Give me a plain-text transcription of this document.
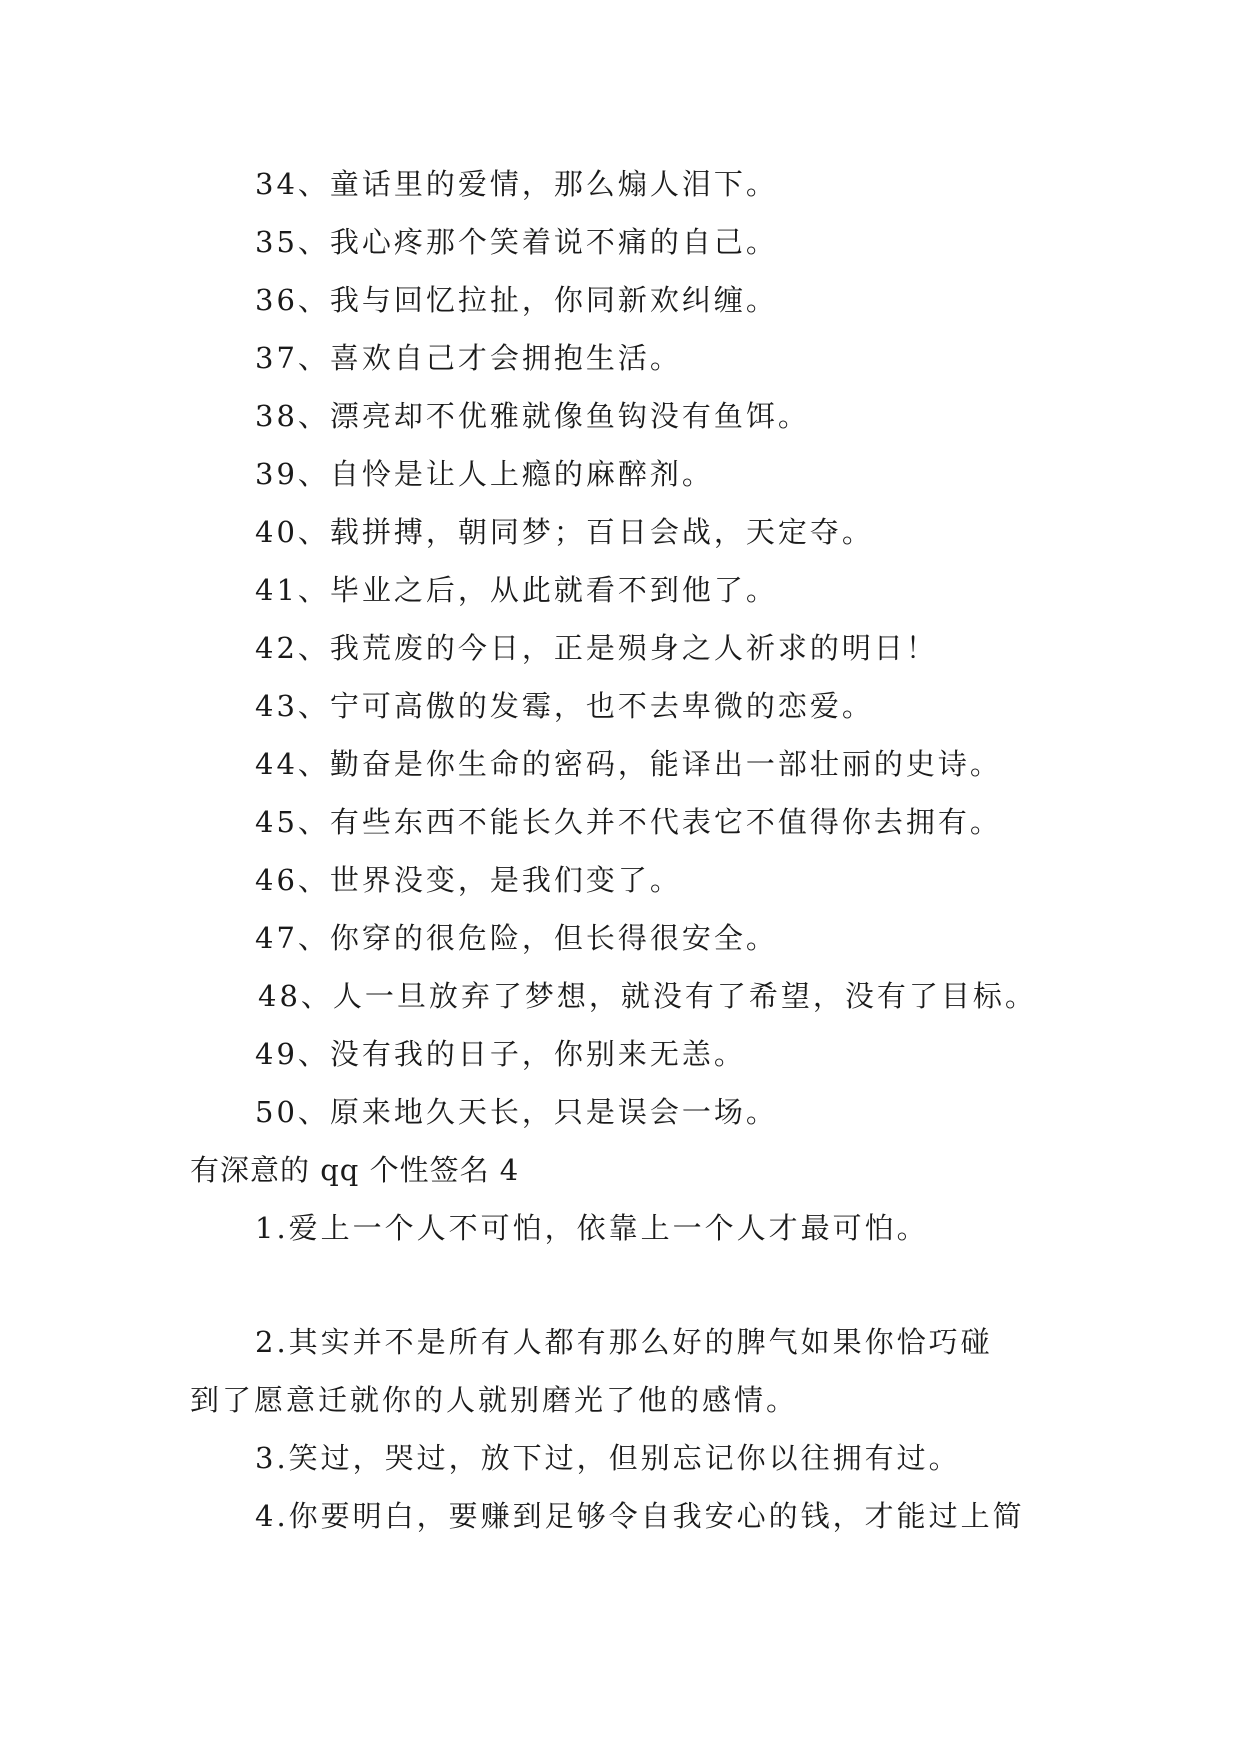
34、童话里的爱情，那么煽人泪下。
35、我心疼那个笑着说不痛的自己。
36、我与回忆拉扯，你同新欢纠缠。
37、喜欢自己才会拥抱生活。
38、漂亮却不优雅就像鱼钩没有鱼饵。
39、自怜是让人上瘾的麻醉剂。
40、载拼搏，朝同梦；百日会战，天定夺。
41、毕业之后，从此就看不到他了。
42、我荒废的今日，正是殒身之人祈求的明日！
43、宁可高傲的发霉，也不去卑微的恋爱。
44、勤奋是你生命的密码，能译出一部壮丽的史诗。
45、有些东西不能长久并不代表它不值得你去拥有。
46、世界没变，是我们变了。
47、你穿的很危险，但长得很安全。
48、人一旦放弃了梦想，就没有了希望，没有了目标。
49、没有我的日子，你别来无恙。
50、原来地久天长，只是误会一场。
有深意的 qq 个性签名 4
1.爱上一个人不可怕，依靠上一个人才最可怕。
2.其实并不是所有人都有那么好的脾气如果你恰巧碰
到了愿意迁就你的人就别磨光了他的感情。
3.笑过，哭过，放下过，但别忘记你以往拥有过。
4.你要明白，要赚到足够令自我安心的钱，才能过上简
